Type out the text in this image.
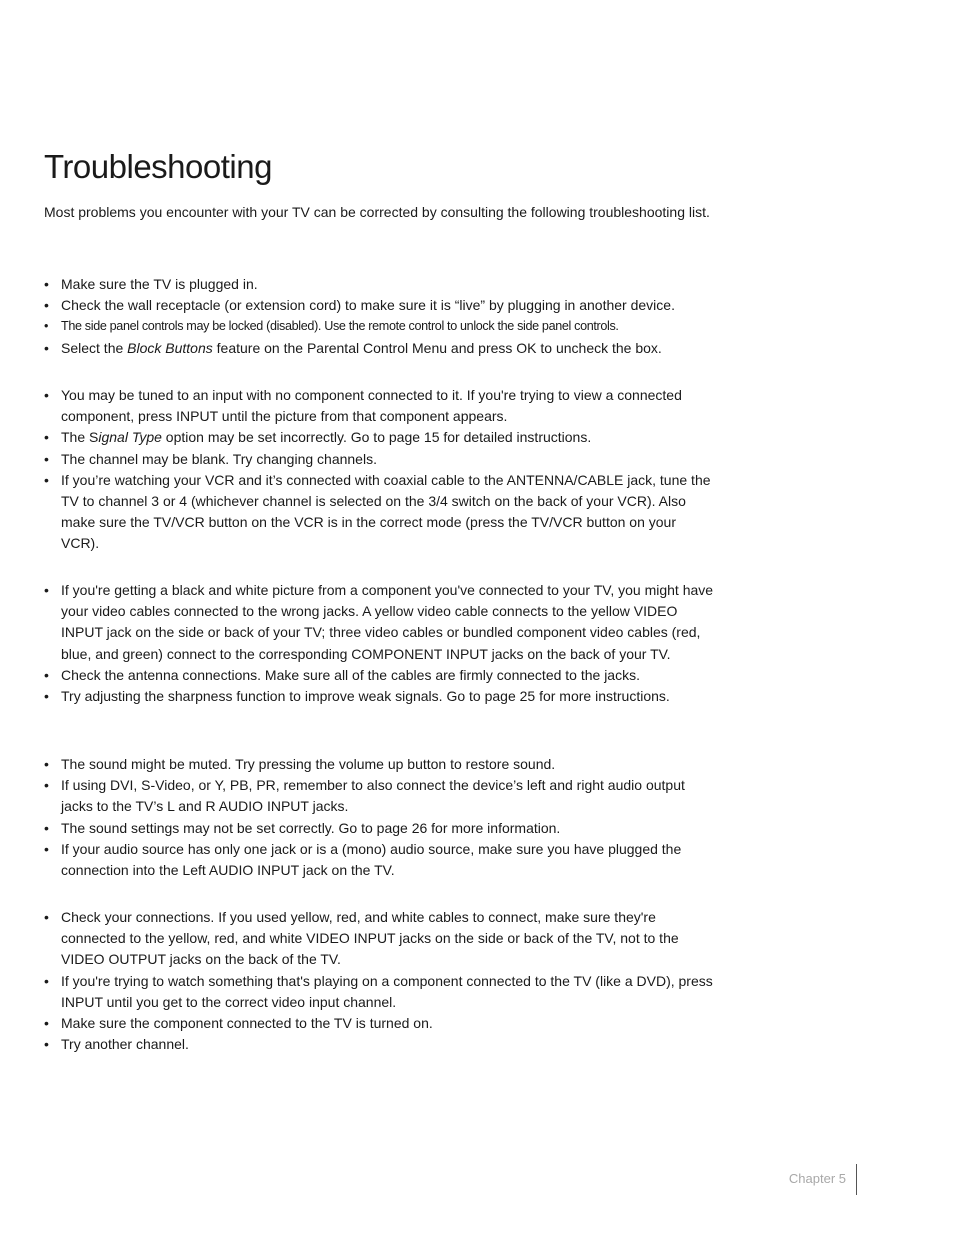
Troubleshooting

Most problems you encounter with your TV can be corrected by consulting the following troubleshooting list.

• Make sure the TV is plugged in.
• Check the wall receptacle (or extension cord) to make sure it is “live” by plugging in another device.
• The side panel controls may be locked (disabled). Use the remote control to unlock the side panel controls.
• Select the Block Buttons feature on the Parental Control Menu and press OK to uncheck the box.
• You may be tuned to an input with no component connected to it. If you're trying to view a connected component, press INPUT until the picture from that component appears.
• The Signal Type option may be set incorrectly. Go to page 15 for detailed instructions.
• The channel may be blank. Try changing channels.
• If you’re watching your VCR and it’s connected with coaxial cable to the ANTENNA/CABLE jack, tune the TV to channel 3 or 4 (whichever channel is selected on the 3/4 switch on the back of your VCR). Also make sure the TV/VCR button on the VCR is in the correct mode (press the TV/VCR button on your VCR).
• If you're getting a black and white picture from a component you've connected to your TV, you might have your video cables connected to the wrong jacks. A yellow video cable connects to the yellow VIDEO INPUT jack on the side or back of your TV; three video cables or bundled component video cables (red, blue, and green) connect to the corresponding COMPONENT INPUT jacks on the back of your TV.
• Check the antenna connections. Make sure all of the cables are firmly connected to the jacks.
• Try adjusting the sharpness function to improve weak signals. Go to page 25 for more instructions.
• The sound might be muted. Try pressing the volume up button to restore sound.
• If using DVI, S-Video, or Y, PB, PR, remember to also connect the device’s left and right audio output jacks to the TV’s L and R AUDIO INPUT jacks.
• The sound settings may not be set correctly. Go to page 26 for more information.
• If your audio source has only one jack or is a (mono) audio source, make sure you have plugged the connection into the Left AUDIO INPUT jack on the TV.
• Check your connections. If you used yellow, red, and white cables to connect, make sure they're connected to the yellow, red, and white VIDEO INPUT jacks on the side or back of the TV, not to the VIDEO OUTPUT jacks on the back of the TV.
• If you're trying to watch something that's playing on a component connected to the TV (like a DVD), press INPUT until you get to the correct video input channel.
• Make sure the component connected to the TV is turned on.
• Try another channel.
Chapter 5
